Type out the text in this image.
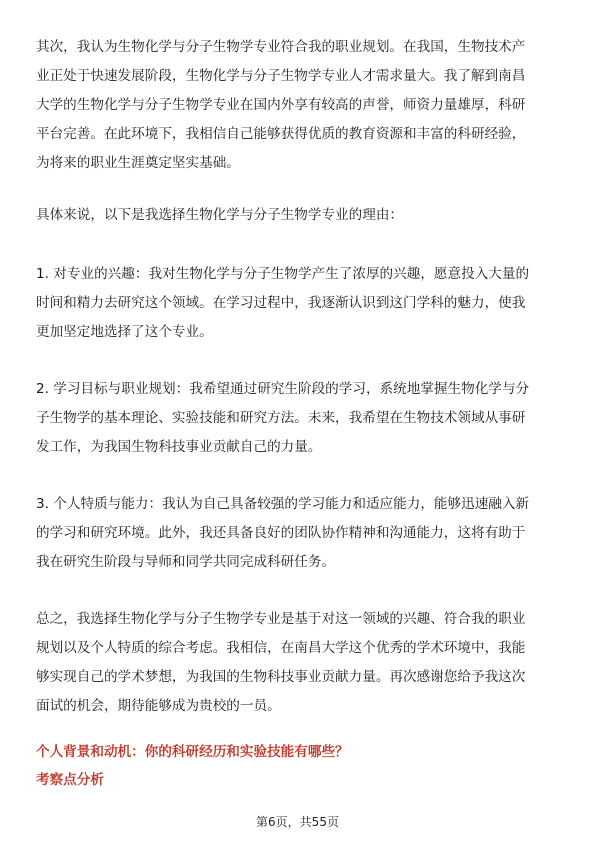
其次，我认为生物化学与分子生物学专业符合我的职业规划。在我国，生物技术产
业正处于快速发展阶段，生物化学与分子生物学专业人才需求量大。我了解到南昌
大学的生物化学与分子生物学专业在国内外享有较高的声誉，师资力量雄厚，科研
平台完善。在此环境下，我相信自己能够获得优质的教育资源和丰富的科研经验，
为将来的职业生涯奠定坚实基础。

具体来说，以下是我选择生物化学与分子生物学专业的理由：

1. 对专业的兴趣：我对生物化学与分子生物学产生了浓厚的兴趣，愿意投入大量的
时间和精力去研究这个领域。在学习过程中，我逐渐认识到这门学科的魅力，使我
更加坚定地选择了这个专业。

2. 学习目标与职业规划：我希望通过研究生阶段的学习，系统地掌握生物化学与分
子生物学的基本理论、实验技能和研究方法。未来，我希望在生物技术领域从事研
发工作，为我国生物科技事业贡献自己的力量。

3. 个人特质与能力：我认为自己具备较强的学习能力和适应能力，能够迅速融入新
的学习和研究环境。此外，我还具备良好的团队协作精神和沟通能力，这将有助于
我在研究生阶段与导师和同学共同完成科研任务。

总之，我选择生物化学与分子生物学专业是基于对这一领域的兴趣、符合我的职业
规划以及个人特质的综合考虑。我相信，在南昌大学这个优秀的学术环境中，我能
够实现自己的学术梦想，为我国的生物科技事业贡献力量。再次感谢您给予我这次
面试的机会，期待能够成为贵校的一员。

个人背景和动机：你的科研经历和实验技能有哪些？
考察点分析
第6页，共55页
